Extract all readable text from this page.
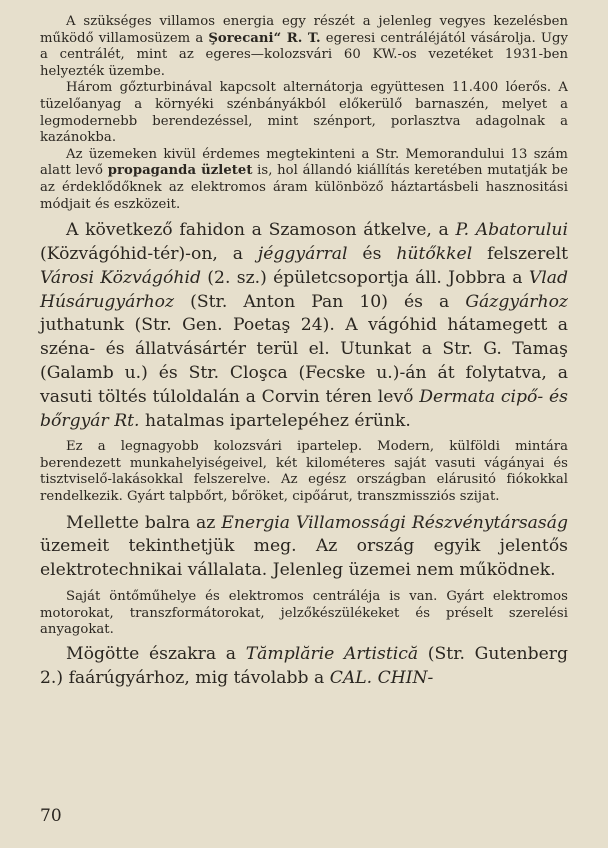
A szükséges villamos energia egy részét a jelenleg vegyes kezelésben működő villamosüzem a Şorecani“ R. T. egeresi centráléjától vásárolja. Ugy a centrálét, mint az egeres—kolozsvári 60 KW.-os vezetéket 1931-ben helyezték üzembe.

Három gőzturbinával kapcsolt alternátorja együttesen 11.400 lóerős. A tüzelőanyag a környéki szénbányákból előkerülő barnaszén, melyet a legmodernebb berendezéssel, mint szénport, porlasztva adagolnak a kazánokba.

Az üzemeken kivül érdemes megtekinteni a Str. Memorandului 13 szám alatt levő propaganda üzletet is, hol állandó kiállítás keretében mutatják be az érdeklődőknek az elektromos áram különböző háztartásbeli hasznositási módjait és eszközeit.

A következő fahidon a Szamoson átkelve, a P. Abatorului (Közvágóhid-tér)-on, a jéggyárral és hütőkkel felszerelt Városi Közvágóhid (2. sz.) épületcsoportja áll. Jobbra a Vlad Húsárugyárhoz (Str. Anton Pan 10) és a Gázgyárhoz juthatunk (Str. Gen. Poetaş 24). A vágóhid hátamegett a széna- és állatvásártér terül el. Utunkat a Str. G. Tamaş (Galamb u.) és Str. Cloşca (Fecske u.)-án át folytatva, a vasuti töltés túloldalán a Corvin téren levő Dermata cipő- és bőrgyár Rt. hatalmas ipartelepéhez érünk.

Ez a legnagyobb kolozsvári ipartelep. Modern, külföldi mintára berendezett munkahelyiségeivel, két kilométeres saját vasuti vágányai és tisztviselő-lakásokkal felszerelve. Az egész országban elárusitó fiókokkal rendelkezik. Gyárt talpbőrt, bőröket, cipőárut, transzmissziós szijat.

Mellette balra az Energia Villamossági Részvénytársaság üzemeit tekinthetjük meg. Az ország egyik jelentős elektrotechnikai vállalata. Jelenleg üzemei nem működnek.

Saját öntőműhelye és elektromos centráléja is van. Gyárt elektromos motorokat, transzformátorokat, jelzőkészülékeket és préselt szerelési anyagokat.

Mögötte északra a Tămplărie Artistică (Str. Gutenberg 2.) faárúgyárhoz, mig távolabb a CAL. CHIN-

70
